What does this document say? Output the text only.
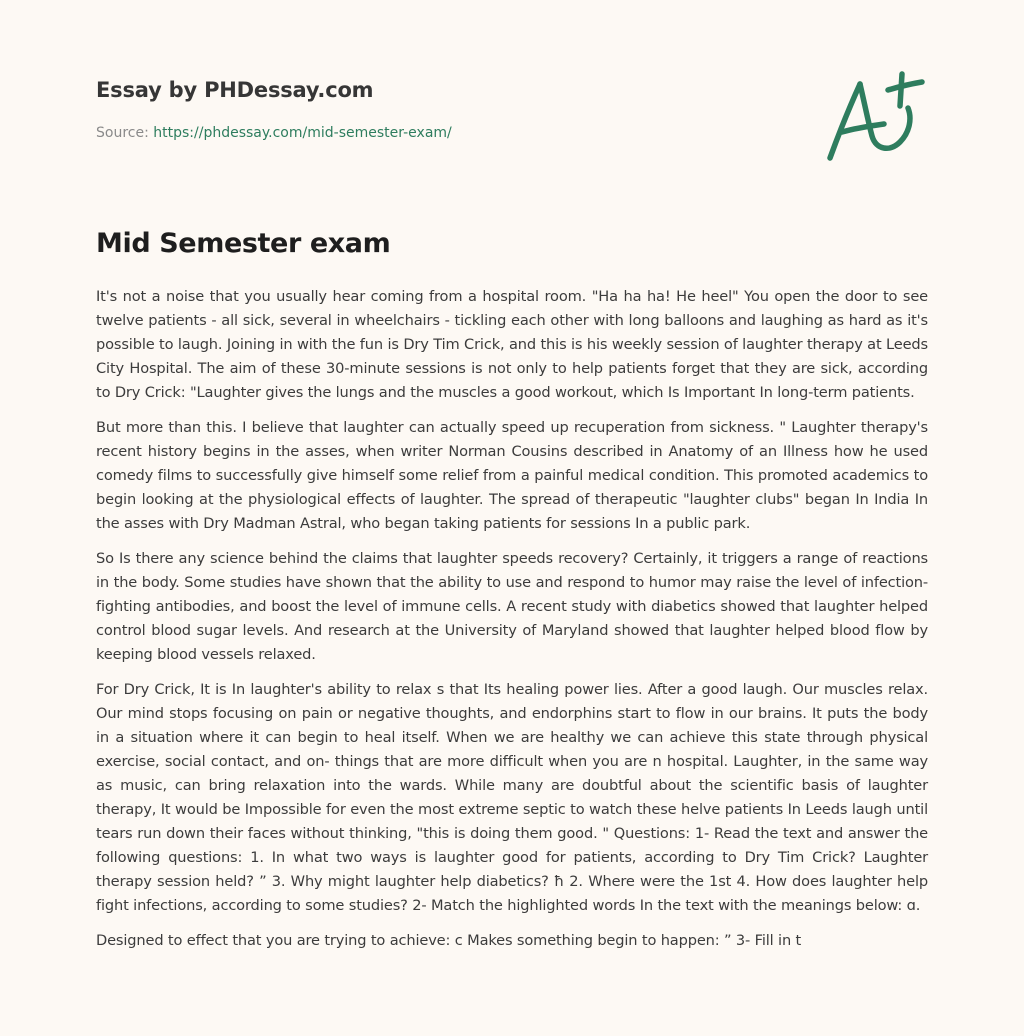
Essay by PHDessay.com
Source: https://phdessay.com/mid-semester-exam/
Mid Semester exam

It's not a noise that you usually hear coming from a hospital room. "Ha ha ha! He heel" You open the door to see twelve patients - all sick, several in wheelchairs - tickling each other with long balloons and laughing as hard as it's possible to laugh. Joining in with the fun is Dry Tim Crick, and this is his weekly session of laughter therapy at Leeds City Hospital. The aim of these 30-minute sessions is not only to help patients forget that they are sick, according to Dry Crick: "Laughter gives the lungs and the muscles a good workout, which Is Important In long-term patients.

But more than this. I believe that laughter can actually speed up recuperation from sickness. " Laughter therapy's recent history begins in the asses, when writer Norman Cousins described in Anatomy of an Illness how he used comedy films to successfully give himself some relief from a painful medical condition. This promoted academics to begin looking at the physiological effects of laughter. The spread of therapeutic "laughter clubs" began In India In the asses with Dry Madman Astral, who began taking patients for sessions In a public park.

So Is there any science behind the claims that laughter speeds recovery? Certainly, it triggers a range of reactions in the body. Some studies have shown that the ability to use and respond to humor may raise the level of infection-fighting antibodies, and boost the level of immune cells. A recent study with diabetics showed that laughter helped control blood sugar levels. And research at the University of Maryland showed that laughter helped blood flow by keeping blood vessels relaxed.

For Dry Crick, It is In laughter's ability to relax s that Its healing power lies. After a good laugh. Our muscles relax. Our mind stops focusing on pain or negative thoughts, and endorphins start to flow in our brains. It puts the body in a situation where it can begin to heal itself. When we are healthy we can achieve this state through physical exercise, social contact, and on- things that are more difficult when you are n hospital. Laughter, in the same way as music, can bring relaxation into the wards. While many are doubtful about the scientific basis of laughter therapy, It would be Impossible for even the most extreme septic to watch these helve patients In Leeds laugh until tears run down their faces without thinking, "this is doing them good. " Questions: 1- Read the text and answer the following questions: 1. In what two ways is laughter good for patients, according to Dry Tim Crick? Laughter therapy session held? ” 3. Why might laughter help diabetics? ħ 2. Where were the 1st 4. How does laughter help fight infections, according to some studies? 2- Match the highlighted words In the text with the meanings below: ɑ.

Designed to effect that you are trying to achieve: c Makes something begin to happen: ” 3- Fill in t
